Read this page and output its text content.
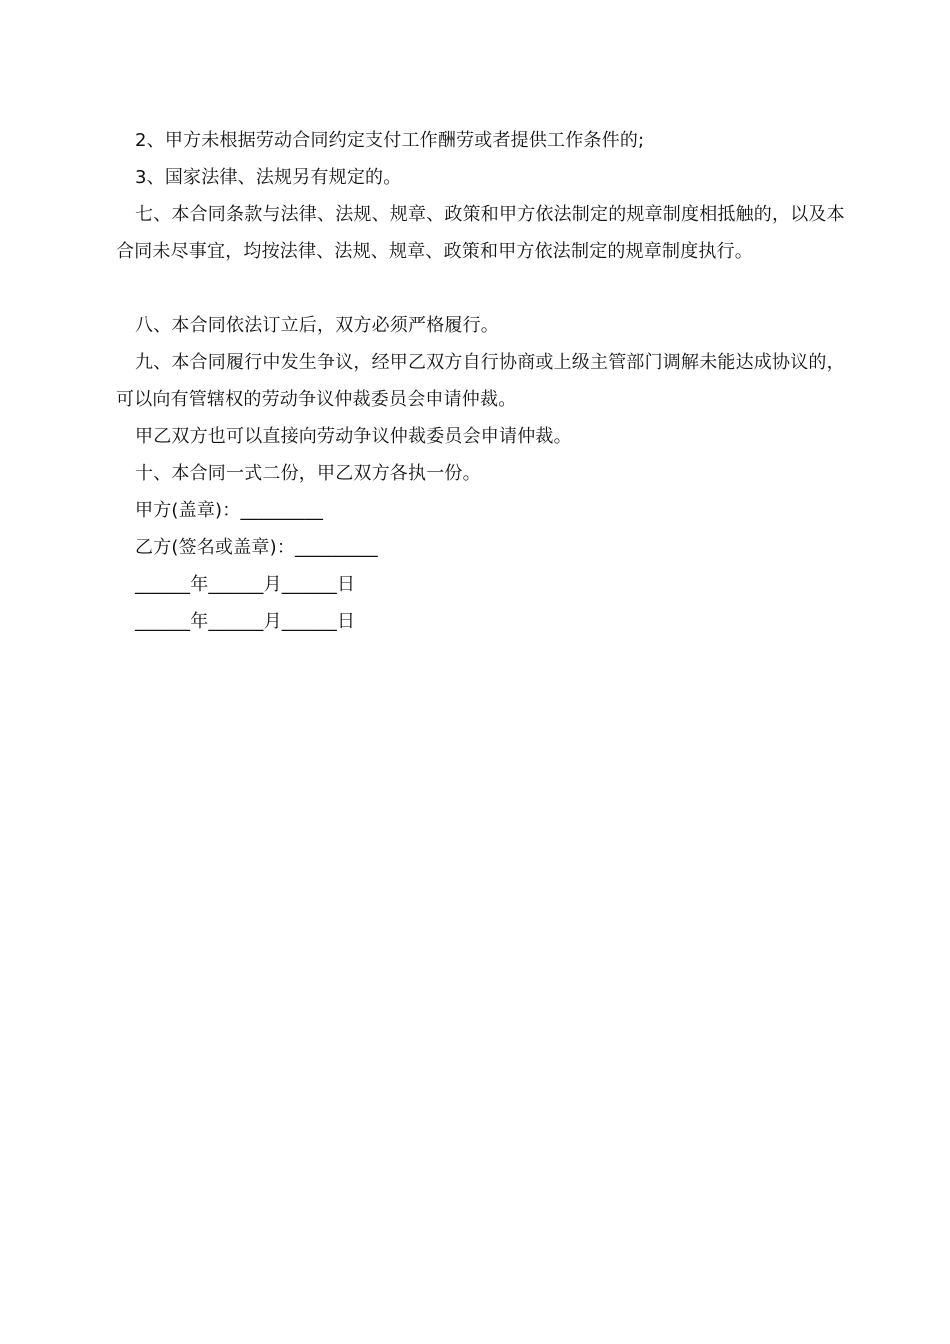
2、甲方未根据劳动合同约定支付工作酬劳或者提供工作条件的;

3、国家法律、法规另有规定的。

七、本合同条款与法律、法规、规章、政策和甲方依法制定的规章制度相抵触的，以及本合同未尽事宜，均按法律、法规、规章、政策和甲方依法制定的规章制度执行。

八、本合同依法订立后，双方必须严格履行。

九、本合同履行中发生争议，经甲乙双方自行协商或上级主管部门调解未能达成协议的，可以向有管辖权的劳动争议仲裁委员会申请仲裁。

甲乙双方也可以直接向劳动争议仲裁委员会申请仲裁。

十、本合同一式二份，甲乙双方各执一份。

甲方(盖章)：_________

乙方(签名或盖章)：_________

______年______月______日

______年______月______日
